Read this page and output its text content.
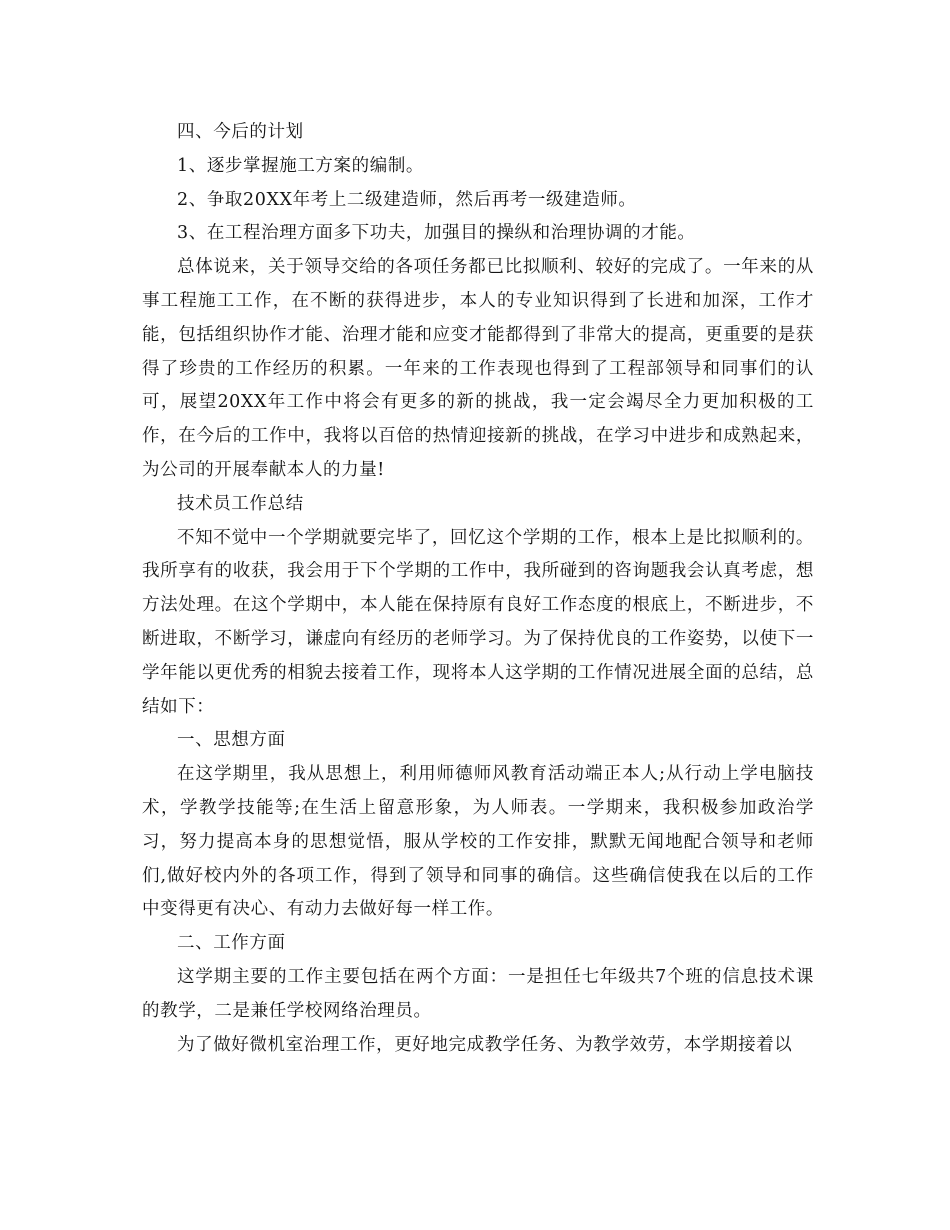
四、今后的计划

1、逐步掌握施工方案的编制。

2、争取20XX年考上二级建造师，然后再考一级建造师。

3、在工程治理方面多下功夫，加强目的操纵和治理协调的才能。

总体说来，关于领导交给的各项任务都已比拟顺利、较好的完成了。一年来的从事工程施工工作，在不断的获得进步，本人的专业知识得到了长进和加深，工作才能，包括组织协作才能、治理才能和应变才能都得到了非常大的提高，更重要的是获得了珍贵的工作经历的积累。一年来的工作表现也得到了工程部领导和同事们的认可，展望20XX年工作中将会有更多的新的挑战，我一定会竭尽全力更加积极的工作，在今后的工作中，我将以百倍的热情迎接新的挑战，在学习中进步和成熟起来，为公司的开展奉献本人的力量!

技术员工作总结

不知不觉中一个学期就要完毕了，回忆这个学期的工作，根本上是比拟顺利的。我所享有的收获，我会用于下个学期的工作中，我所碰到的咨询题我会认真考虑，想方法处理。在这个学期中，本人能在保持原有良好工作态度的根底上，不断进步，不断进取，不断学习，谦虚向有经历的老师学习。为了保持优良的工作姿势，以使下一学年能以更优秀的相貌去接着工作，现将本人这学期的工作情况进展全面的总结，总结如下：

一、思想方面

在这学期里，我从思想上，利用师德师风教育活动端正本人;从行动上学电脑技术，学教学技能等;在生活上留意形象，为人师表。一学期来，我积极参加政治学习，努力提高本身的思想觉悟，服从学校的工作安排，默默无闻地配合领导和老师们,做好校内外的各项工作，得到了领导和同事的确信。这些确信使我在以后的工作中变得更有决心、有动力去做好每一样工作。

二、工作方面

这学期主要的工作主要包括在两个方面：一是担任七年级共7个班的信息技术课的教学，二是兼任学校网络治理员。

为了做好微机室治理工作，更好地完成教学任务、为教学效劳，本学期接着以
